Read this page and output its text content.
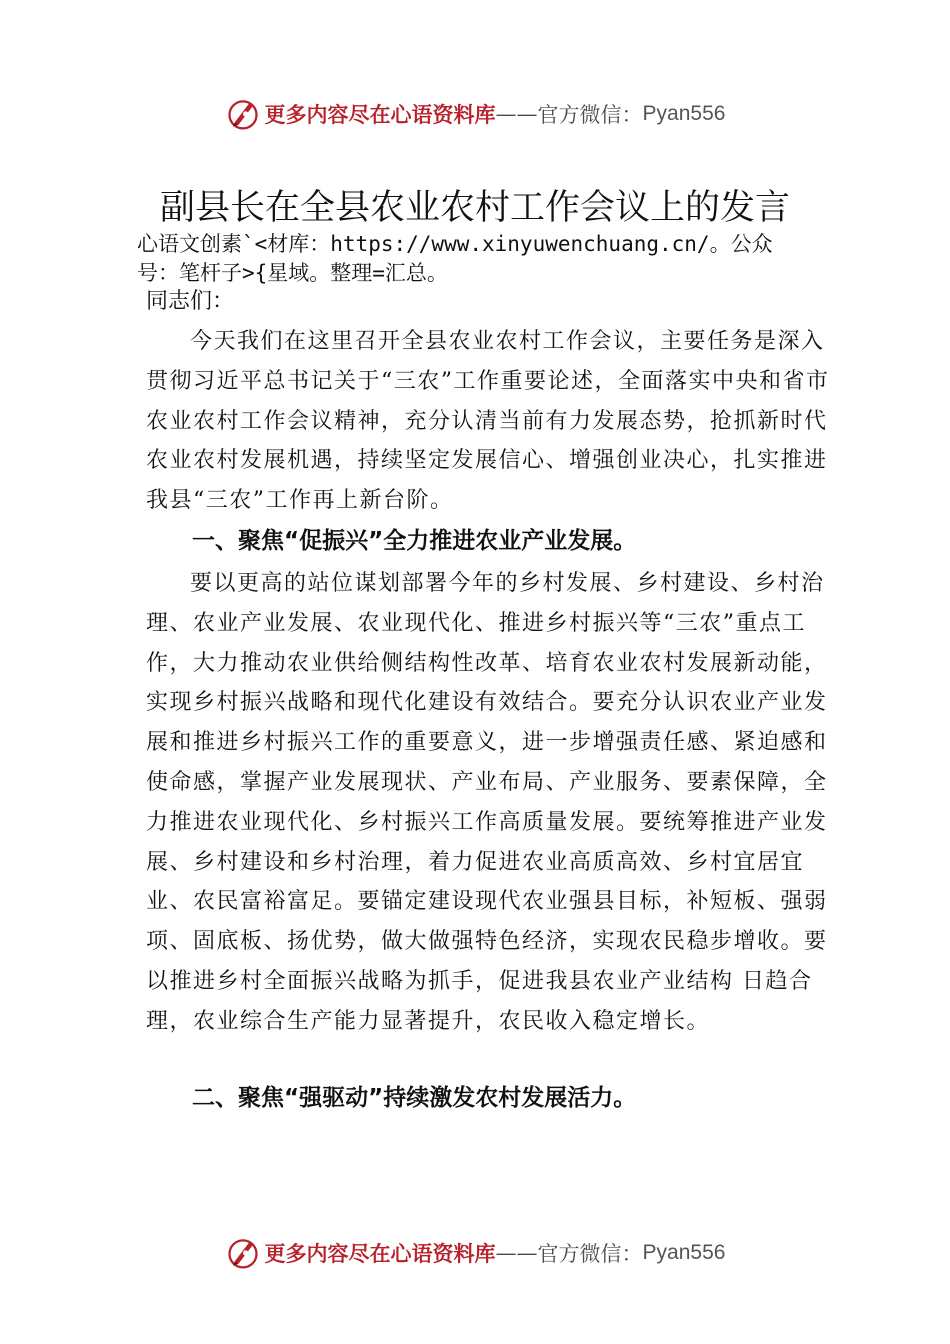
更多内容尽在心语资料库 —— 官方微信： Pyan556
副县长在全县农业农村工作会议上的发言
心语文创素`<材库：https://www.xinyuwenchuang.cn/。公众
号：笔杆子>{星域。整理=汇总。
同志们：

今天我们在这里召开全县农业农村工作会议，主要任务是深入贯彻习近平总书记关于“三农”工作重要论述，全面落实中央和省市农业农村工作会议精神，充分认清当前有力发展态势，抢抓新时代农业农村发展机遇，持续坚定发展信心、增强创业决心，扎实推进我县“三农”工作再上新台阶。

一、聚焦“促振兴”全力推进农业产业发展。

要以更高的站位谋划部署今年的乡村发展、乡村建设、乡村治理、农业产业发展、农业现代化、推进乡村振兴等“三农”重点工作，大力推动农业供给侧结构性改革、培育农业农村发展新动能，实现乡村振兴战略和现代化建设有效结合。要充分认识农业产业发展和推进乡村振兴工作的重要意义，进一步增强责任感、紧迫感和使命感，掌握产业发展现状、产业布局、产业服务、要素保障，全力推进农业现代化、乡村振兴工作高质量发展。要统筹推进产业发展、乡村建设和乡村治理，着力促进农业高质高效、乡村宜居宜业、农民富裕富足。要锚定建设现代农业强县目标，补短板、强弱项、固底板、扬优势，做大做强特色经济，实现农民稳步增收。要以推进乡村全面振兴战略为抓手，促进我县农业产业结构 日趋合理，农业综合生产能力显著提升，农民收入稳定增长。

二、聚焦“强驱动”持续激发农村发展活力。

更多内容尽在心语资料库 —— 官方微信： Pyan556
